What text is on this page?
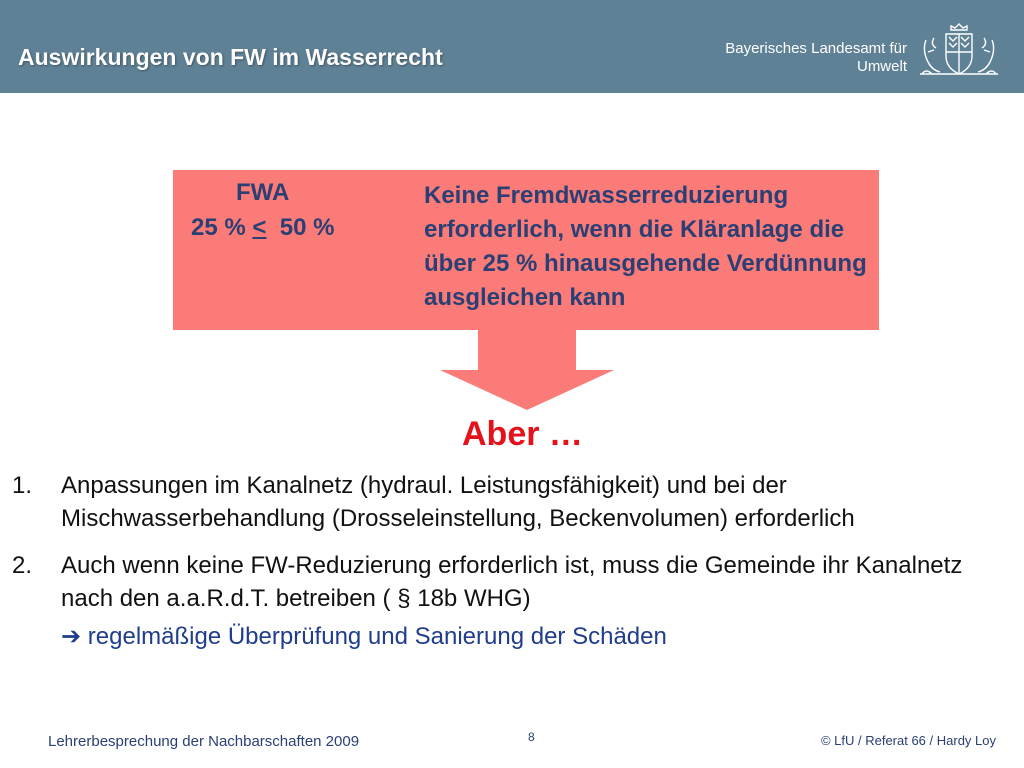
Auswirkungen von FW im Wasserrecht	Bayerisches Landesamt für
Umwelt
FWA
25 % <  50 %
Keine Fremdwasserreduzierung erforderlich, wenn die Kläranlage die über 25 % hinausgehende Verdünnung ausgleichen kann
Aber …
1. Anpassungen im Kanalnetz (hydraul. Leistungsfähigkeit) und bei der Mischwasserbehandlung (Drosseleinstellung, Beckenvolumen) erforderlich
2. Auch wenn keine FW-Reduzierung erforderlich ist, muss die Gemeinde ihr Kanalnetz nach den a.a.R.d.T. betreiben ( § 18b WHG)
➔ regelmäßige Überprüfung und Sanierung der Schäden
Lehrerbesprechung der Nachbarschaften 2009	8	© LfU / Referat 66 / Hardy Loy
